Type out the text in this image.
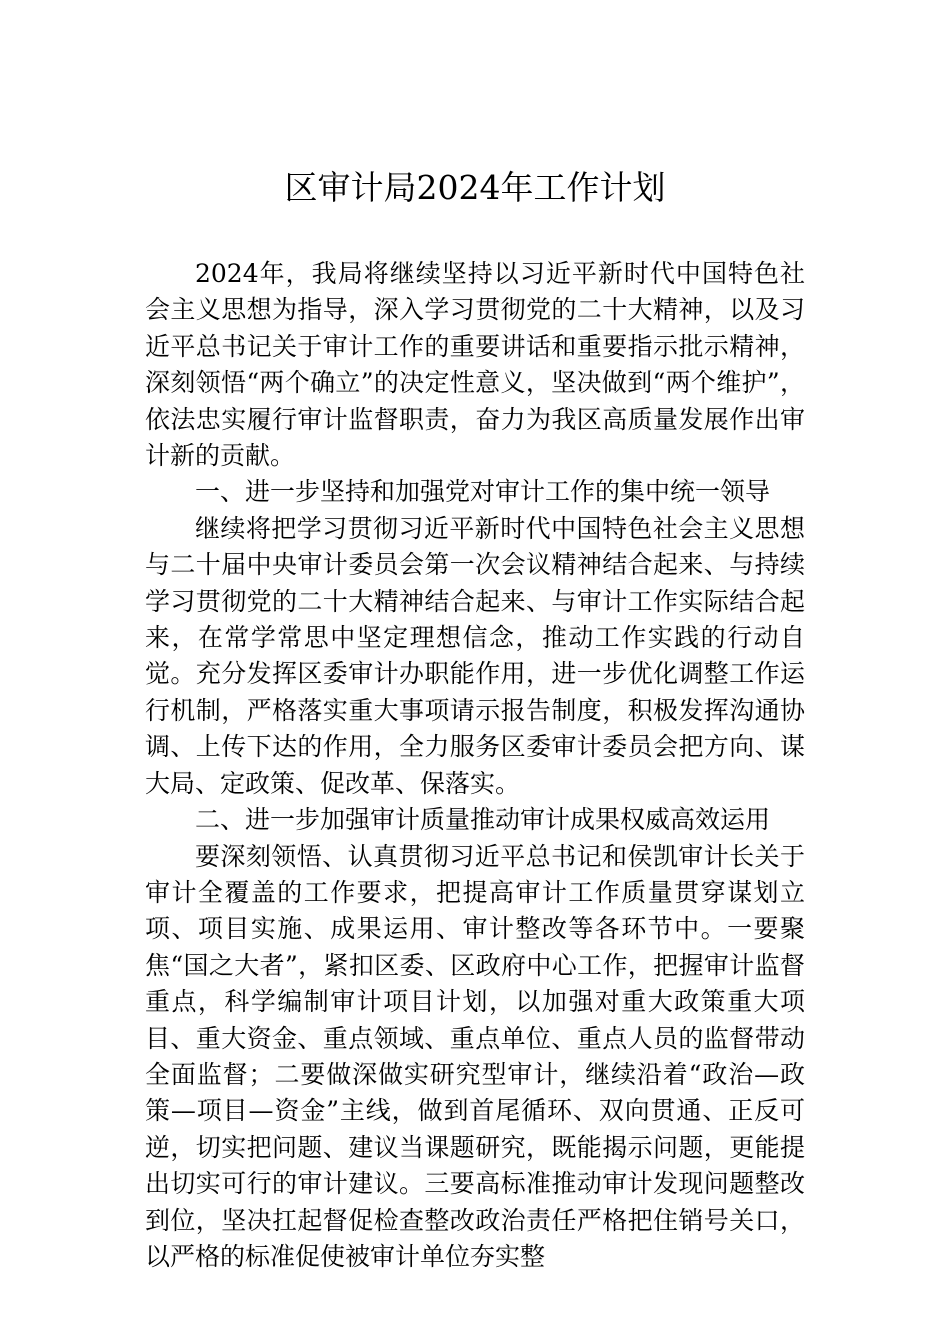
区审计局2024年工作计划

2024年，我局将继续坚持以习近平新时代中国特色社会主义思想为指导，深入学习贯彻党的二十大精神，以及习近平总书记关于审计工作的重要讲话和重要指示批示精神，深刻领悟“两个确立”的决定性意义，坚决做到“两个维护”，依法忠实履行审计监督职责，奋力为我区高质量发展作出审计新的贡献。

一、进一步坚持和加强党对审计工作的集中统一领导

继续将把学习贯彻习近平新时代中国特色社会主义思想与二十届中央审计委员会第一次会议精神结合起来、与持续学习贯彻党的二十大精神结合起来、与审计工作实际结合起来，在常学常思中坚定理想信念，推动工作实践的行动自觉。充分发挥区委审计办职能作用，进一步优化调整工作运行机制，严格落实重大事项请示报告制度，积极发挥沟通协调、上传下达的作用，全力服务区委审计委员会把方向、谋大局、定政策、促改革、保落实。

二、进一步加强审计质量推动审计成果权威高效运用

要深刻领悟、认真贯彻习近平总书记和侯凯审计长关于审计全覆盖的工作要求，把提高审计工作质量贯穿谋划立项、项目实施、成果运用、审计整改等各环节中。一要聚焦“国之大者”，紧扣区委、区政府中心工作，把握审计监督重点，科学编制审计项目计划，以加强对重大政策重大项目、重大资金、重点领域、重点单位、重点人员的监督带动全面监督；二要做深做实研究型审计，继续沿着“政治—政策—项目—资金”主线，做到首尾循环、双向贯通、正反可逆，切实把问题、建议当课题研究，既能揭示问题，更能提出切实可行的审计建议。三要高标准推动审计发现问题整改到位，坚决扛起督促检查整改政治责任严格把住销号关口，以严格的标准促使被审计单位夯实整
